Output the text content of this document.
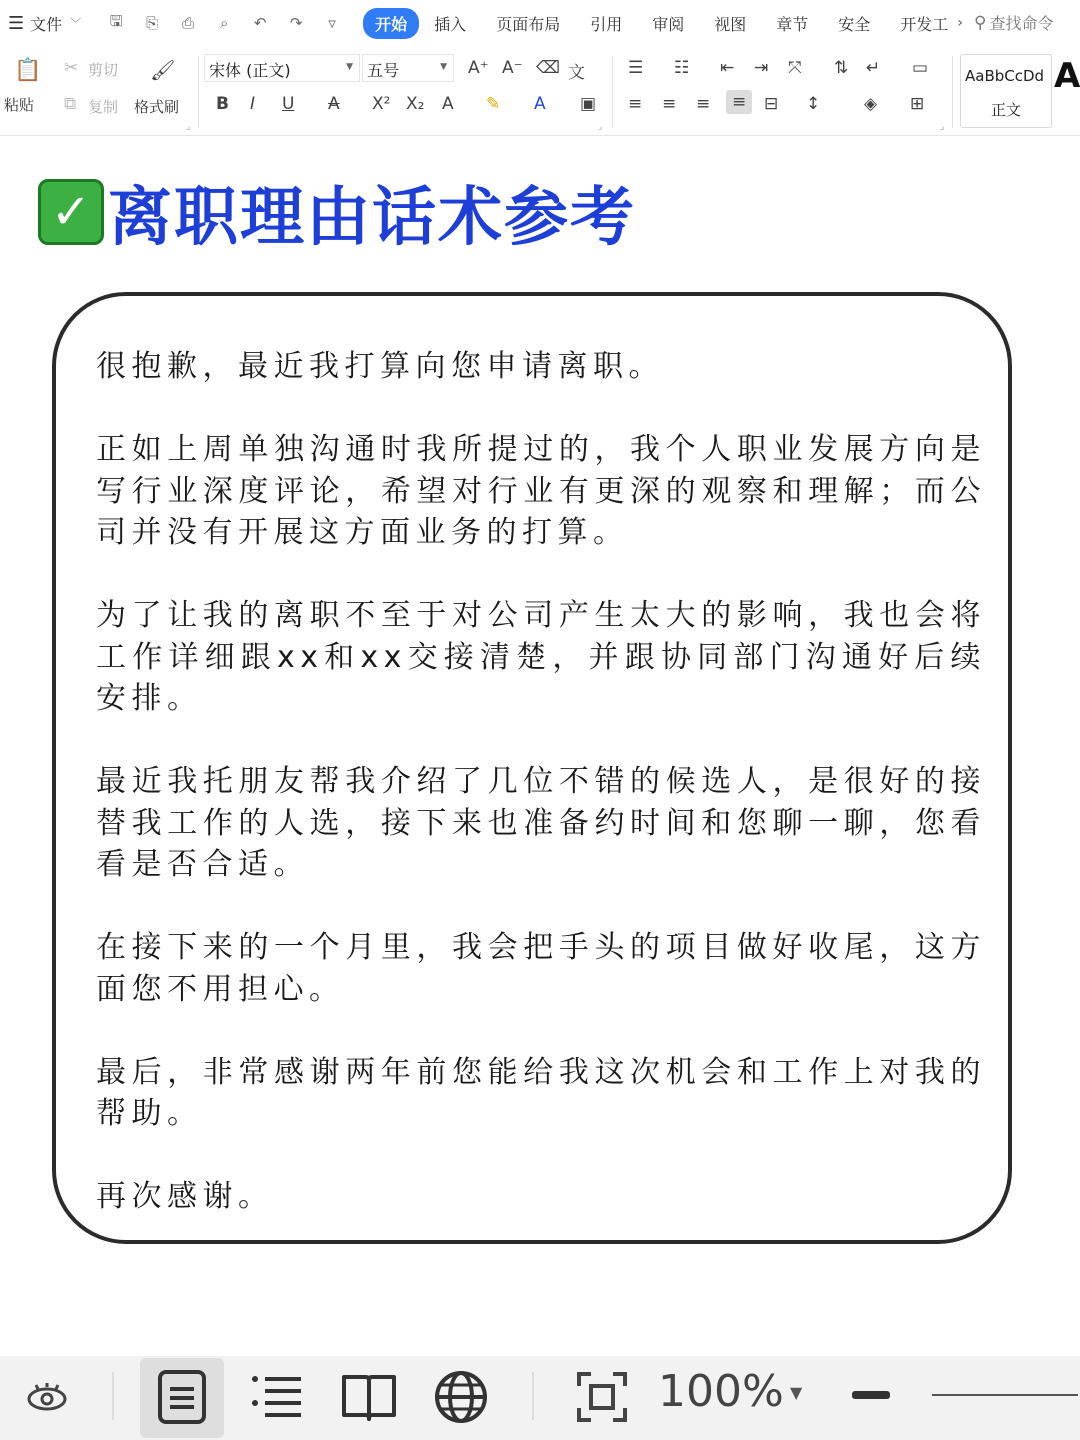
☰ 文件 ﹀ 🖫 ⎘ ⎙	⌕	↶ ↷	▿	开始	插入	页面布局	引用	审阅	视图	章节	安全	开发工 › ⚲ 查找命令
📋
粘贴
✂ 剪切
⧉ 复制
🖌
格式刷
⌟
宋体 (正文)	▼ 五号	▼ A⁺ A⁻ ⌫ 文
B I U A X² X₂ A ✎ A ▣
⌟
☰ ☷ ⇤ ⇥ ⤧ ⇅ ↵ ▭
≡ ≡ ≡	≡	⊟ ↕	◈ ⊞
⌟
AaBbCcDd
正文
A
✓ 离职理由话术参考

很抱歉，最近我打算向您申请离职。

正如上周单独沟通时我所提过的，我个人职业发展方向是写行业深度评论，希望对行业有更深的观察和理解；而公司并没有开展这方面业务的打算。

为了让我的离职不至于对公司产生太大的影响，我也会将工作详细跟xx和xx交接清楚，并跟协同部门沟通好后续安排。

最近我托朋友帮我介绍了几位不错的候选人，是很好的接替我工作的人选，接下来也准备约时间和您聊一聊，您看看是否合适。

在接下来的一个月里，我会把手头的项目做好收尾，这方面您不用担心。

最后，非常感谢两年前您能给我这次机会和工作上对我的帮助。

再次感谢。

100% ▼
